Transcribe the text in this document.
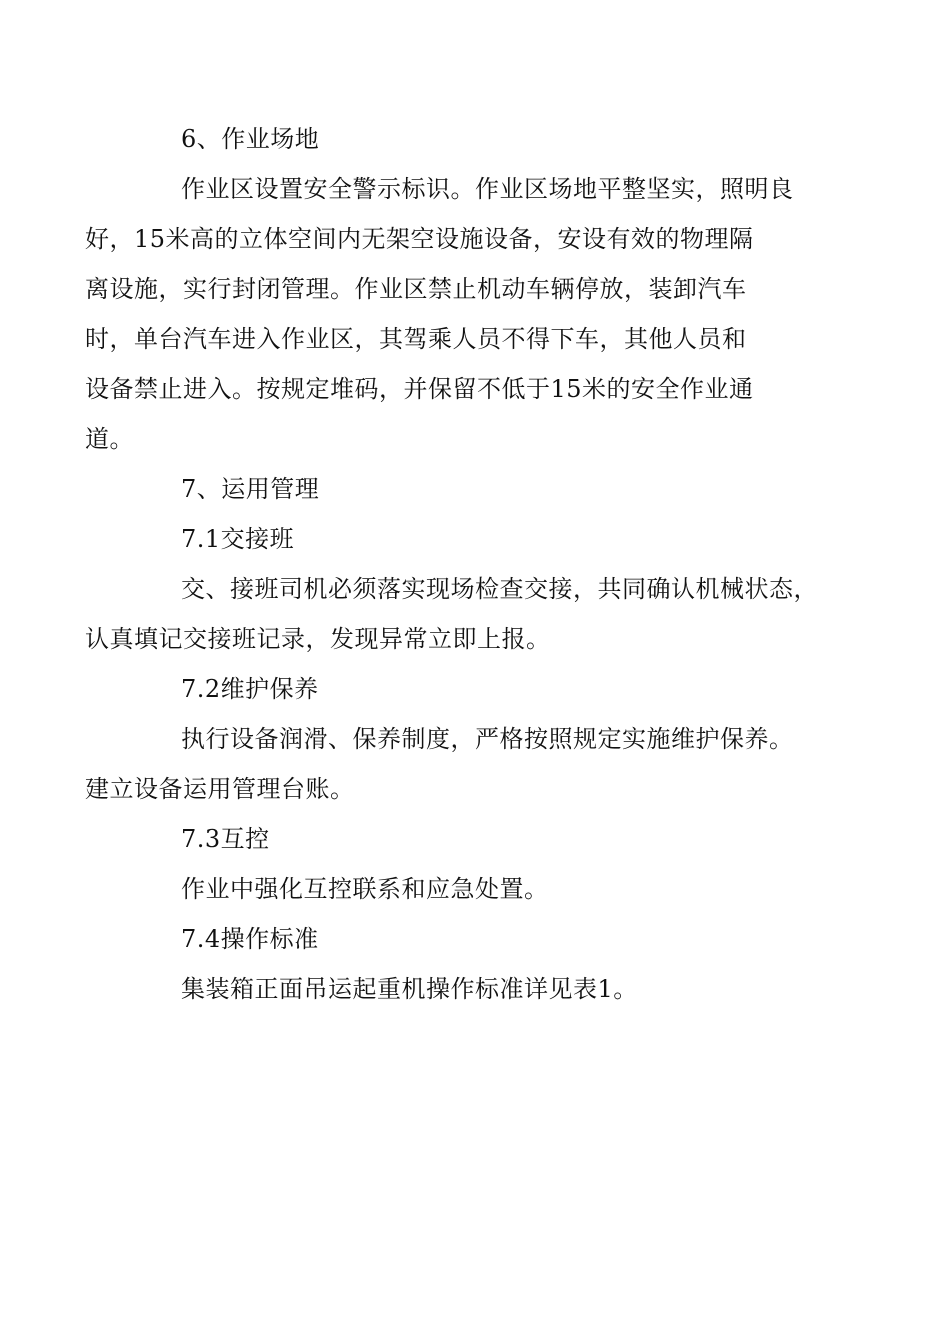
6、作业场地

作业区设置安全警示标识。作业区场地平整坚实，照明良
好，15米高的立体空间内无架空设施设备，安设有效的物理隔
离设施，实行封闭管理。作业区禁止机动车辆停放，装卸汽车
时，单台汽车进入作业区，其驾乘人员不得下车，其他人员和
设备禁止进入。按规定堆码，并保留不低于15米的安全作业通
道。

7、运用管理

7.1交接班

交、接班司机必须落实现场检查交接，共同确认机械状态，
认真填记交接班记录，发现异常立即上报。

7.2维护保养

执行设备润滑、保养制度，严格按照规定实施维护保养。
建立设备运用管理台账。

7.3互控

作业中强化互控联系和应急处置。

7.4操作标准

集装箱正面吊运起重机操作标准详见表1。
